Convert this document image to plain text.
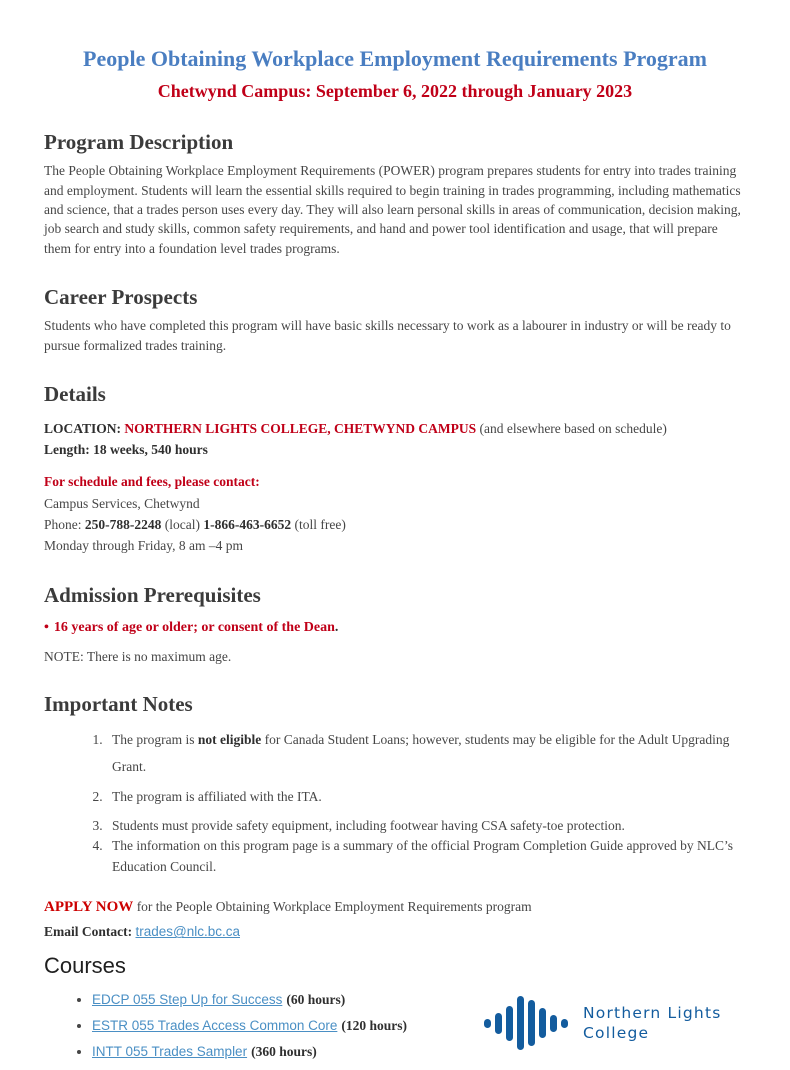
People Obtaining Workplace Employment Requirements Program
Chetwynd Campus: September 6, 2022 through January 2023
Program Description

The People Obtaining Workplace Employment Requirements (POWER) program prepares students for entry into trades training and employment. Students will learn the essential skills required to begin training in trades programming, including mathematics and science, that a trades person uses every day. They will also learn personal skills in areas of communication, decision making, job search and study skills, common safety requirements, and hand and power tool identification and usage, that will prepare them for entry into a foundation level trades programs.

Career Prospects

Students who have completed this program will have basic skills necessary to work as a labourer in industry or will be ready to pursue formalized trades training.

Details

LOCATION: NORTHERN LIGHTS COLLEGE, CHETWYND CAMPUS (and elsewhere based on schedule)

Length: 18 weeks, 540 hours

For schedule and fees, please contact:

Campus Services, Chetwynd

Phone: 250-788-2248 (local) 1-866-463-6652 (toll free)

Monday through Friday, 8 am –4 pm

Admission Prerequisites

• 16 years of age or older; or consent of the Dean.

NOTE: There is no maximum age.

Important Notes
1. The program is not eligible for Canada Student Loans; however, students may be eligible for the Adult Upgrading Grant.
2. The program is affiliated with the ITA.
3. Students must provide safety equipment, including footwear having CSA safety-toe protection.
4. The information on this program page is a summary of the official Program Completion Guide approved by NLC’s Education Council.

APPLY NOW for the People Obtaining Workplace Employment Requirements program

Email Contact: trades@nlc.bc.ca

Courses
• EDCP 055 Step Up for Success (60 hours)
• ESTR 055 Trades Access Common Core (120 hours)
• INTT 055 Trades Sampler (360 hours)
Northern Lights
College
